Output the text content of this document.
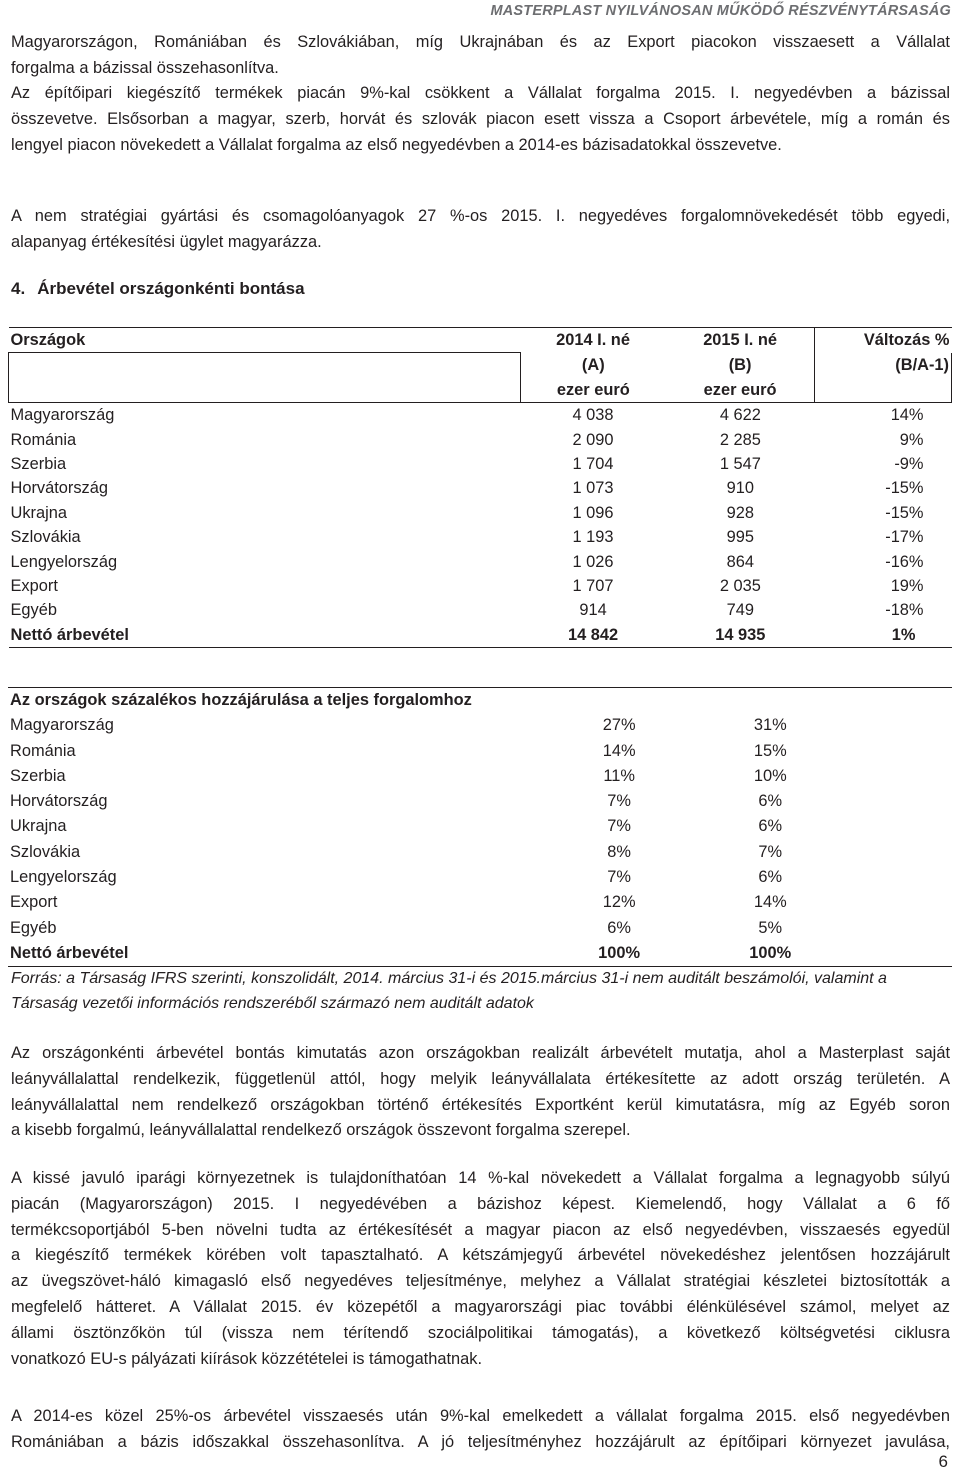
MASTERPLAST NYILVÁNOSAN MŰKÖDŐ RÉSZVÉNYTÁRSASÁG
Magyarországon, Romániában és Szlovákiában, míg Ukrajnában és az Export piacokon visszaesett a Vállalat
forgalma a bázissal összehasonlítva.
Az építőipari kiegészítő termékek piacán 9%-kal csökkent a Vállalat forgalma 2015. I. negyedévben a bázissal
összevetve. Elsősorban a magyar, szerb, horvát és szlovák piacon esett vissza a Csoport árbevétele, míg a román és
lengyel piacon növekedett a Vállalat forgalma az első negyedévben a 2014-es bázisadatokkal összevetve.
A nem stratégiai gyártási és csomagolóanyagok 27 %-os 2015. I. negyedéves forgalomnövekedését több egyedi,
alapanyag értékesítési ügylet magyarázza.
4. Árbevétel országonkénti bontása
Országok	2014 I. né	2015 I. né	Változás %
	(A)	(B)	(B/A-1)
	ezer euró	ezer euró	
Magyarország	4 038	4 622	14%
Románia	2 090	2 285	9%
Szerbia	1 704	1 547	-9%
Horvátország	1 073	910	-15%
Ukrajna	1 096	928	-15%
Szlovákia	1 193	995	-17%
Lengyelország	1 026	864	-16%
Export	1 707	2 035	19%
Egyéb	914	749	-18%
Nettó árbevétel	14 842	14 935	1%
Az országok százalékos hozzájárulása a teljes forgalomhoz			
Magyarország	27%	31%	
Románia	14%	15%	
Szerbia	11%	10%	
Horvátország	7%	6%	
Ukrajna	7%	6%	
Szlovákia	8%	7%	
Lengyelország	7%	6%	
Export	12%	14%	
Egyéb	6%	5%	
Nettó árbevétel	100%	100%	
Forrás: a Társaság IFRS szerinti, konszolidált, 2014. március 31-i és 2015.március 31-i nem auditált beszámolói, valamint a
Társaság vezetői információs rendszeréből származó nem auditált adatok
Az országonkénti árbevétel bontás kimutatás azon országokban realizált árbevételt mutatja, ahol a Masterplast saját
leányvállalattal rendelkezik, függetlenül attól, hogy melyik leányvállalata értékesítette az adott ország területén. A
leányvállalattal nem rendelkező országokban történő értékesítés Exportként kerül kimutatásra, míg az Egyéb soron
a kisebb forgalmú, leányvállalattal rendelkező országok összevont forgalma szerepel.
A kissé javuló iparági környezetnek is tulajdoníthatóan 14 %-kal növekedett a Vállalat forgalma a legnagyobb súlyú
piacán (Magyarországon) 2015. I negyedévében a bázishoz képest. Kiemelendő, hogy Vállalat a 6 fő
termékcsoportjából 5-ben növelni tudta az értékesítését a magyar piacon az első negyedévben, visszaesés egyedül
a kiegészítő termékek körében volt tapasztalható. A kétszámjegyű árbevétel növekedéshez jelentősen hozzájárult
az üvegszövet-háló kimagasló első negyedéves teljesítménye, melyhez a Vállalat stratégiai készletei biztosították a
megfelelő hátteret. A Vállalat 2015. év közepétől a magyarországi piac további élénkülésével számol, melyet az
állami ösztönzőkön túl (vissza nem térítendő szociálpolitikai támogatás), a következő költségvetési ciklusra
vonatkozó EU-s pályázati kiírások közzétételei is támogathatnak.
A 2014-es közel 25%-os árbevétel visszaesés után 9%-kal emelkedett a vállalat forgalma 2015. első negyedévben
Romániában a bázis időszakkal összehasonlítva. A jó teljesítményhez hozzájárult az építőipari környezet javulása,
6
